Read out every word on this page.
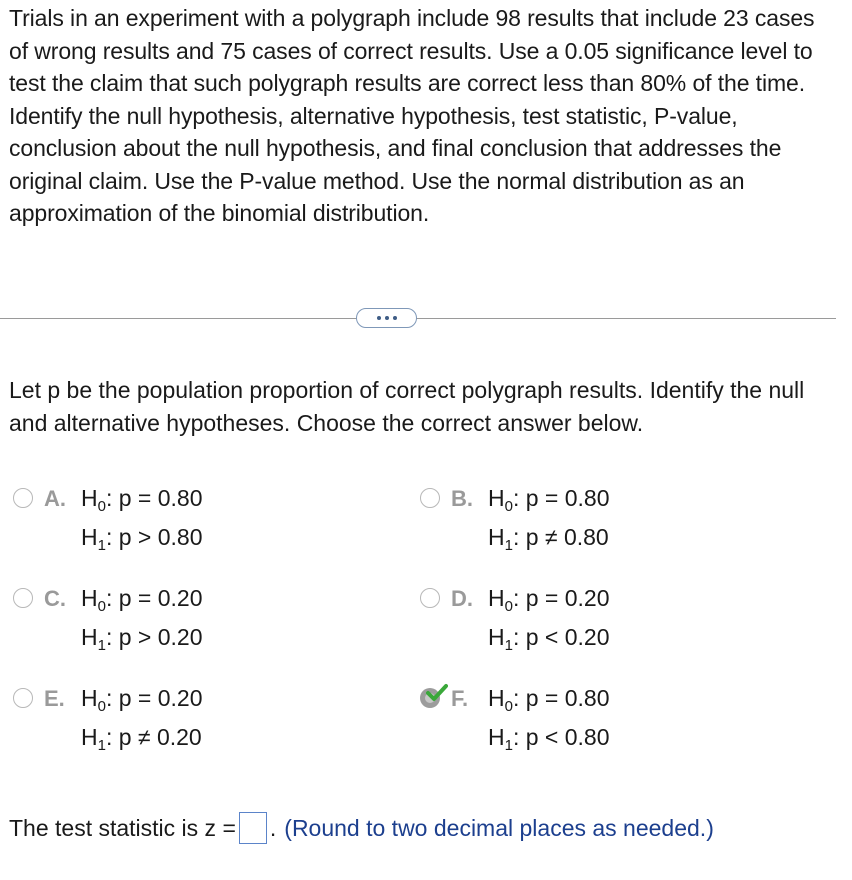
Trials in an experiment with a polygraph include 98 results that include 23 cases of wrong results and 75 cases of correct results. Use a 0.05 significance level to test the claim that such polygraph results are correct less than 80% of the time. Identify the null hypothesis, alternative hypothesis, test statistic, P-value, conclusion about the null hypothesis, and final conclusion that addresses the original claim. Use the P-value method. Use the normal distribution as an approximation of the binomial distribution.
Let p be the population proportion of correct polygraph results. Identify the null and alternative hypotheses. Choose the correct answer below.
A. $H_0$: p = 0.80
$H_1$: p > 0.80
B. $H_0$: p = 0.80
$H_1$: p ≠ 0.80
C. $H_0$: p = 0.20
$H_1$: p > 0.20
D. $H_0$: p = 0.20
$H_1$: p < 0.20
E. $H_0$: p = 0.20
$H_1$: p ≠ 0.20
F. $H_0$: p = 0.80
$H_1$: p < 0.80
The test statistic is z = . (Round to two decimal places as needed.)
